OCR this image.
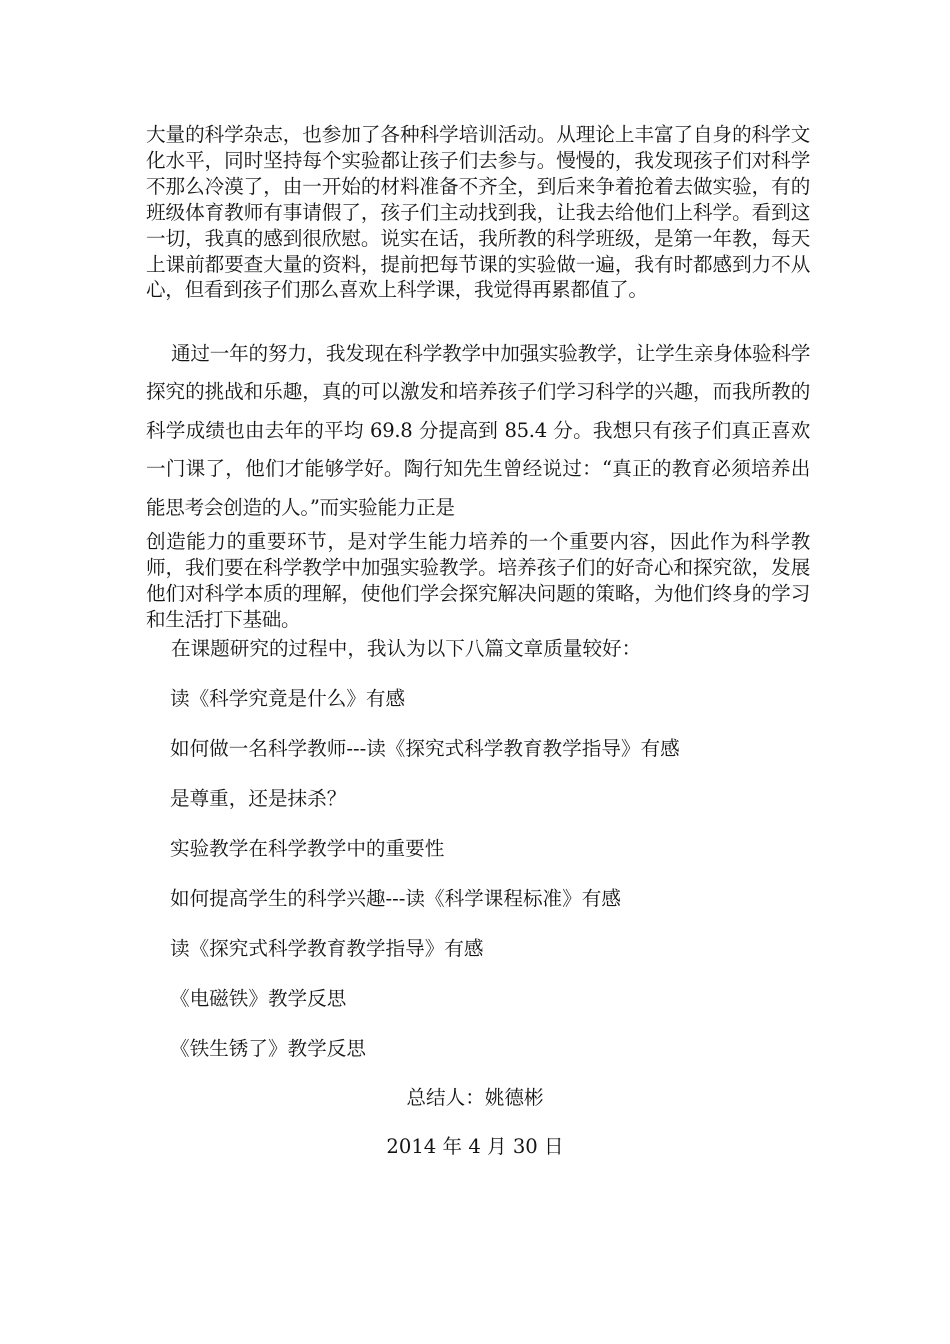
大量的科学杂志，也参加了各种科学培训活动。从理论上丰富了自身的科学文化水平，同时坚持每个实验都让孩子们去参与。慢慢的，我发现孩子们对科学不那么冷漠了，由一开始的材料准备不齐全，到后来争着抢着去做实验，有的班级体育教师有事请假了，孩子们主动找到我，让我去给他们上科学。看到这一切，我真的感到很欣慰。说实在话，我所教的科学班级，是第一年教，每天上课前都要查大量的资料，提前把每节课的实验做一遍，我有时都感到力不从心，但看到孩子们那么喜欢上科学课，我觉得再累都值了。
通过一年的努力，我发现在科学教学中加强实验教学，让学生亲身体验科学探究的挑战和乐趣，真的可以激发和培养孩子们学习科学的兴趣，而我所教的科学成绩也由去年的平均 69.8 分提高到 85.4 分。我想只有孩子们真正喜欢一门课了，他们才能够学好。陶行知先生曾经说过：“真正的教育必须培养出能思考会创造的人。”而实验能力正是
创造能力的重要环节，是对学生能力培养的一个重要内容，因此作为科学教师，我们要在科学教学中加强实验教学。培养孩子们的好奇心和探究欲，发展他们对科学本质的理解，使他们学会探究解决问题的策略，为他们终身的学习和生活打下基础。
在课题研究的过程中，我认为以下八篇文章质量较好：
读《科学究竟是什么》有感
如何做一名科学教师---读《探究式科学教育教学指导》有感
是尊重，还是抹杀？
实验教学在科学教学中的重要性
如何提高学生的科学兴趣---读《科学课程标准》有感
读《探究式科学教育教学指导》有感
《电磁铁》教学反思
《铁生锈了》教学反思
总结人：姚德彬
2014 年 4 月 30 日
